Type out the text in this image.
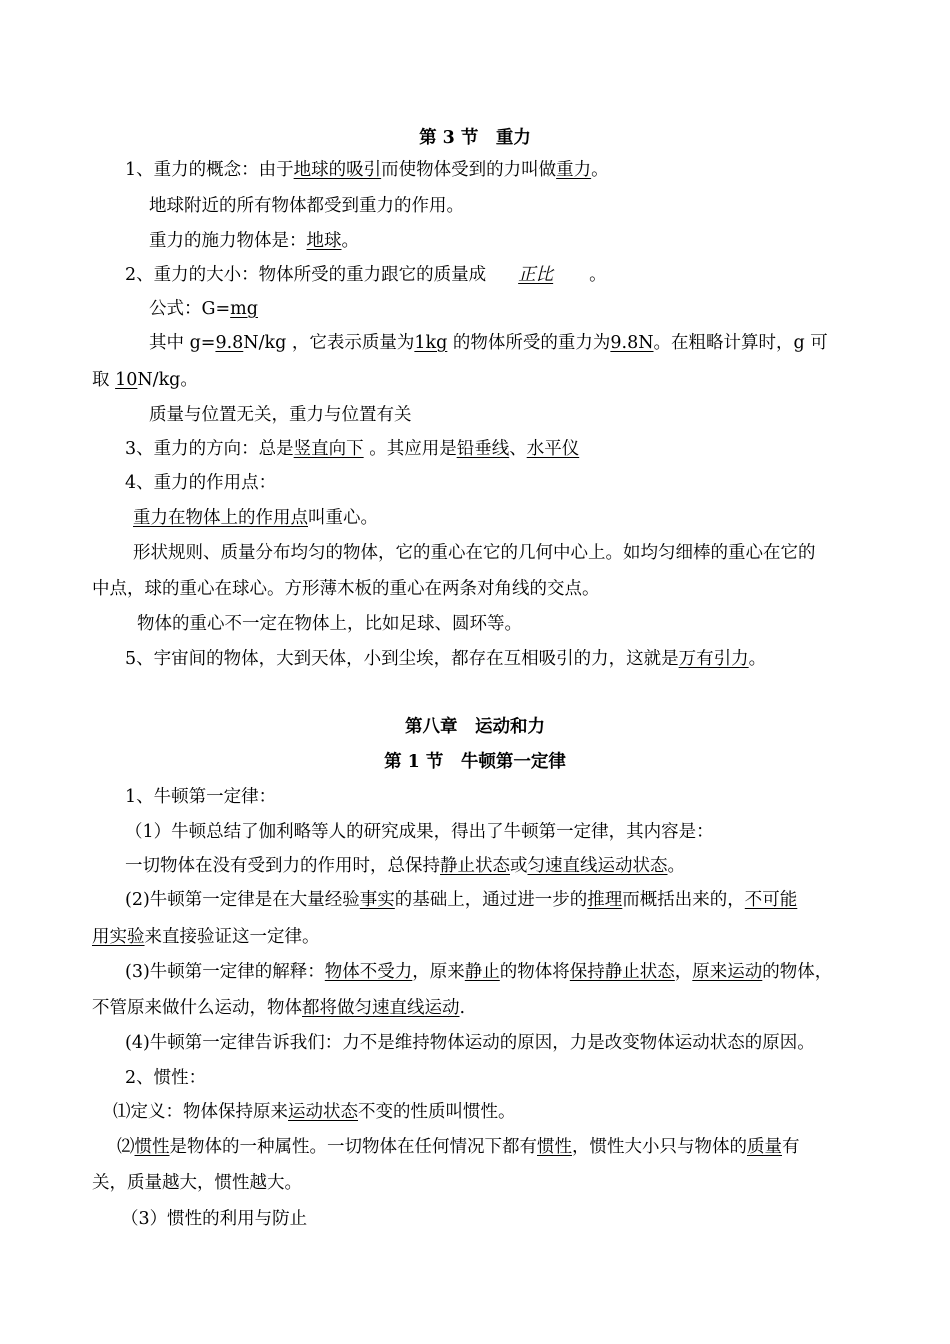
第 3 节　重力
1、重力的概念：由于地球的吸引而使物体受到的力叫做重力。
地球附近的所有物体都受到重力的作用。
重力的施力物体是：地球。
2、重力的大小：物体所受的重力跟它的质量成 正比 。
公式：G=mg
其中 g=9.8N/kg ，它表示质量为1kg 的物体所受的重力为9.8N。在粗略计算时，g 可
取 10N/kg。
质量与位置无关，重力与位置有关
3、重力的方向：总是竖直向下 。其应用是铅垂线、水平仪
4、重力的作用点：
重力在物体上的作用点叫重心。
形状规则、质量分布均匀的物体，它的重心在它的几何中心上。如均匀细棒的重心在它的
中点，球的重心在球心。方形薄木板的重心在两条对角线的交点。
物体的重心不一定在物体上，比如足球、圆环等。
5、宇宙间的物体，大到天体，小到尘埃，都存在互相吸引的力，这就是万有引力。
第八章　运动和力
第 1 节　牛顿第一定律
1、牛顿第一定律：
（1）牛顿总结了伽利略等人的研究成果，得出了牛顿第一定律，其内容是：
一切物体在没有受到力的作用时，总保持静止状态或匀速直线运动状态。
(2)牛顿第一定律是在大量经验事实的基础上，通过进一步的推理而概括出来的，不可能
用实验来直接验证这一定律。
(3)牛顿第一定律的解释：物体不受力，原来静止的物体将保持静止状态，原来运动的物体，
不管原来做什么运动，物体都将做匀速直线运动.
(4)牛顿第一定律告诉我们：力不是维持物体运动的原因，力是改变物体运动状态的原因。
2、惯性：
⑴定义：物体保持原来运动状态不变的性质叫惯性。
⑵惯性是物体的一种属性。一切物体在任何情况下都有惯性，惯性大小只与物体的质量有
关，质量越大，惯性越大。
（3）惯性的利用与防止
